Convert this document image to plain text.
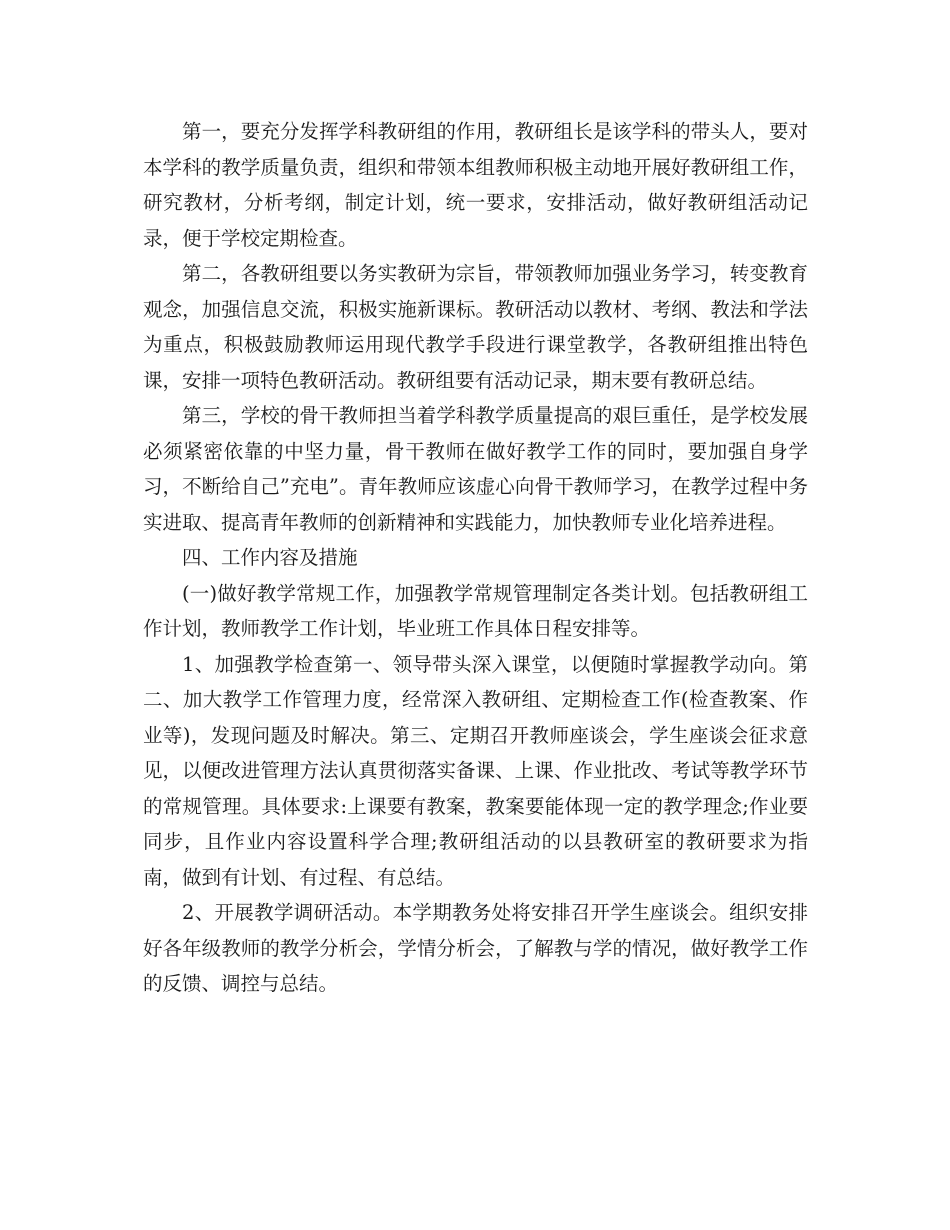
第一，要充分发挥学科教研组的作用，教研组长是该学科的带头人，要对本学科的教学质量负责，组织和带领本组教师积极主动地开展好教研组工作，研究教材，分析考纲，制定计划，统一要求，安排活动，做好教研组活动记录，便于学校定期检查。

第二，各教研组要以务实教研为宗旨，带领教师加强业务学习，转变教育观念，加强信息交流，积极实施新课标。教研活动以教材、考纲、教法和学法为重点，积极鼓励教师运用现代教学手段进行课堂教学，各教研组推出特色课，安排一项特色教研活动。教研组要有活动记录，期末要有教研总结。

第三，学校的骨干教师担当着学科教学质量提高的艰巨重任，是学校发展必须紧密依靠的中坚力量，骨干教师在做好教学工作的同时，要加强自身学习，不断给自己”充电”。青年教师应该虚心向骨干教师学习，在教学过程中务实进取、提高青年教师的创新精神和实践能力，加快教师专业化培养进程。

四、工作内容及措施

(一)做好教学常规工作，加强教学常规管理制定各类计划。包括教研组工作计划，教师教学工作计划，毕业班工作具体日程安排等。

1、加强教学检查第一、领导带头深入课堂，以便随时掌握教学动向。第二、加大教学工作管理力度，经常深入教研组、定期检查工作(检查教案、作业等)，发现问题及时解决。第三、定期召开教师座谈会，学生座谈会征求意见，以便改进管理方法认真贯彻落实备课、上课、作业批改、考试等教学环节的常规管理。具体要求:上课要有教案，教案要能体现一定的教学理念;作业要同步，且作业内容设置科学合理;教研组活动的以县教研室的教研要求为指南，做到有计划、有过程、有总结。

2、开展教学调研活动。本学期教务处将安排召开学生座谈会。组织安排好各年级教师的教学分析会，学情分析会，了解教与学的情况，做好教学工作的反馈、调控与总结。
